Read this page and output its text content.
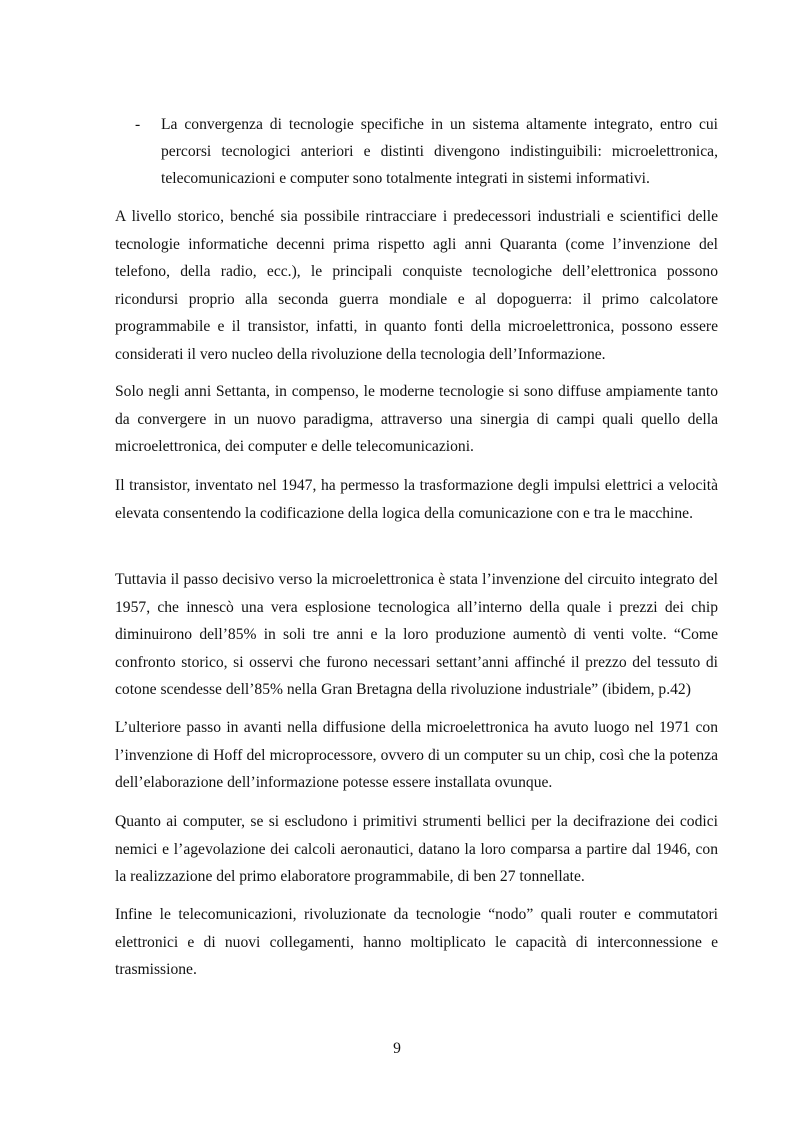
- La convergenza di tecnologie specifiche in un sistema altamente integrato, entro cui percorsi tecnologici anteriori e distinti divengono indistinguibili: microelettronica, telecomunicazioni e computer sono totalmente integrati in sistemi informativi.

A livello storico, benché sia possibile rintracciare i predecessori industriali e scientifici delle tecnologie informatiche decenni prima rispetto agli anni Quaranta (come l’invenzione del telefono, della radio, ecc.), le principali conquiste tecnologiche dell’elettronica possono ricondursi proprio alla seconda guerra mondiale e al dopoguerra: il primo calcolatore programmabile e il transistor, infatti, in quanto fonti della microelettronica, possono essere considerati il vero nucleo della rivoluzione della tecnologia dell’Informazione.

Solo negli anni Settanta, in compenso, le moderne tecnologie si sono diffuse ampiamente tanto da convergere in un nuovo paradigma, attraverso una sinergia di campi quali quello della microelettronica, dei computer e delle telecomunicazioni.

Il transistor, inventato nel 1947, ha permesso la trasformazione degli impulsi elettrici a velocità elevata consentendo la codificazione della logica della comunicazione con e tra le macchine.

Tuttavia il passo decisivo verso la microelettronica è stata l’invenzione del circuito integrato del 1957, che innescò una vera esplosione tecnologica all’interno della quale i prezzi dei chip diminuirono dell’85% in soli tre anni e la loro produzione aumentò di venti volte. “Come confronto storico, si osservi che furono necessari settant’anni affinché il prezzo del tessuto di cotone scendesse dell’85% nella Gran Bretagna della rivoluzione industriale” (ibidem, p.42)

L’ulteriore passo in avanti nella diffusione della microelettronica ha avuto luogo nel 1971 con l’invenzione di Hoff del microprocessore, ovvero di un computer su un chip, così che la potenza dell’elaborazione dell’informazione potesse essere installata ovunque.

Quanto ai computer, se si escludono i primitivi strumenti bellici per la decifrazione dei codici nemici e l’agevolazione dei calcoli aeronautici, datano la loro comparsa a partire dal 1946, con la realizzazione del primo elaboratore programmabile, di ben 27 tonnellate.

Infine le telecomunicazioni, rivoluzionate da tecnologie “nodo” quali router e commutatori elettronici e di nuovi collegamenti, hanno moltiplicato le capacità di interconnessione e trasmissione.

9
